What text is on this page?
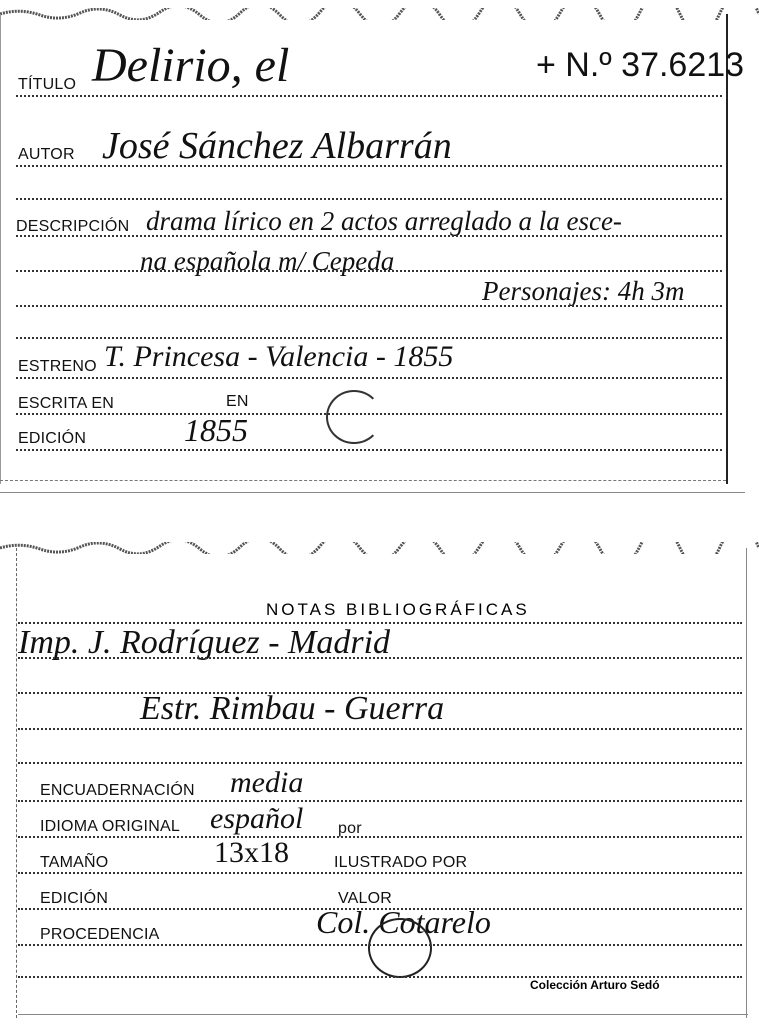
TÍTULO Delirio, el	+ N.º 37.6213
AUTOR José Sánchez Albarrán
DESCRIPCIÓN drama lírico en 2 actos arreglado a la esce-
na española m/ Cepeda
Personajes: 4h 3m
ESTRENO T. Princesa - Valencia - 1855
ESCRITA EN	EN
EDICIÓN	1855
NOTAS BIBLIOGRÁFICAS
Imp. J. Rodríguez - Madrid
Estr. Rimbau - Guerra
ENCUADERNACIÓN media
IDIOMA ORIGINAL español por
TAMAÑO	13x18	ILUSTRADO POR
EDICIÓN	VALOR
PROCEDENCIA	Col. Cotarelo
Colección Arturo Sedó
